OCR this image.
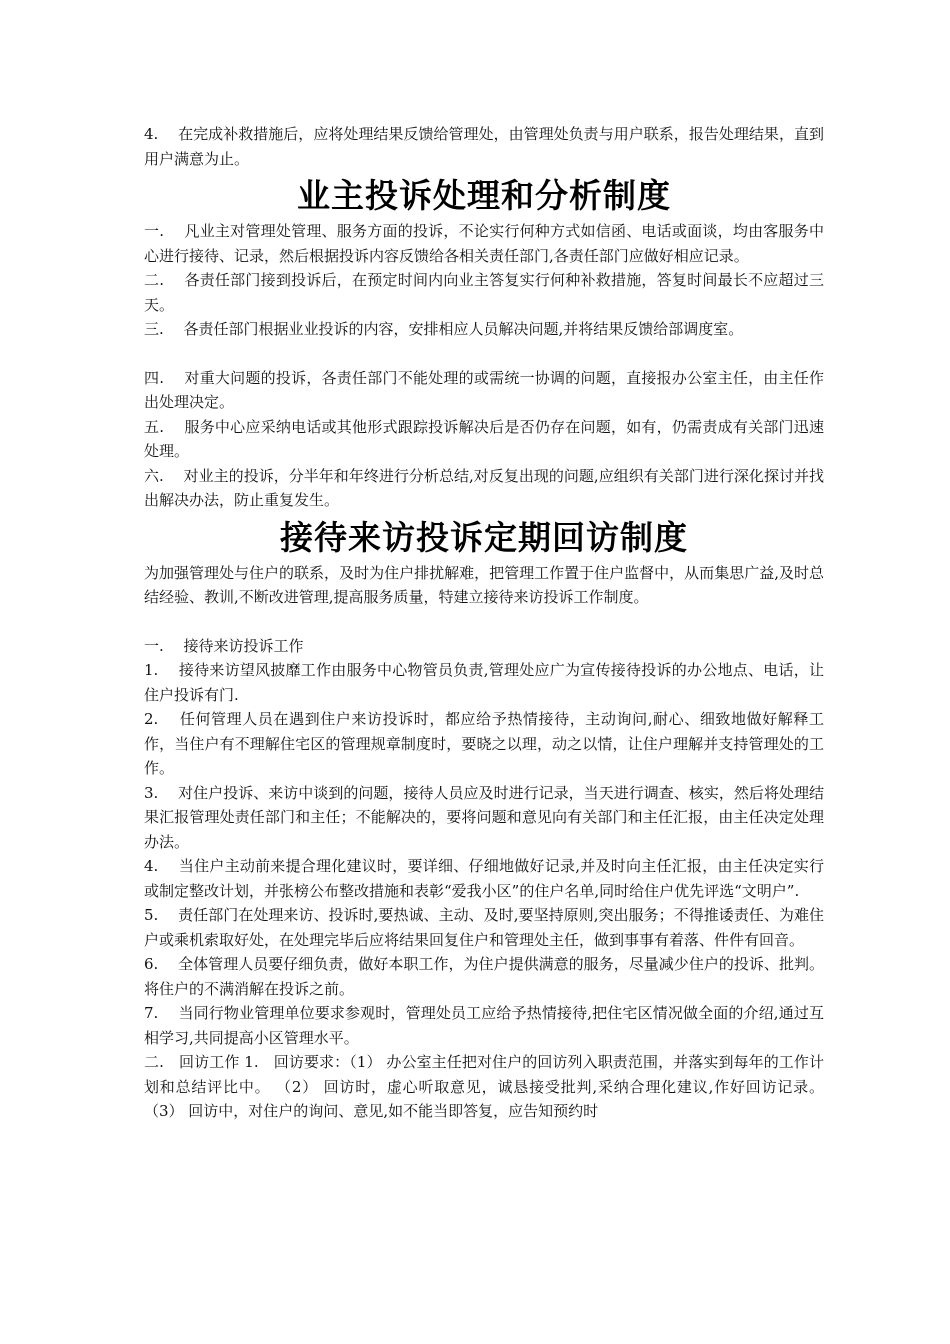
4.　 在完成补救措施后，应将处理结果反馈给管理处，由管理处负责与用户联系，报告处理结果，直到用户满意为止。

业主投诉处理和分析制度

一.　 凡业主对管理处管理、服务方面的投诉，不论实行何种方式如信函、电话或面谈，均由客服务中心进行接待、记录，然后根据投诉内容反馈给各相关责任部门,各责任部门应做好相应记录。

二.　 各责任部门接到投诉后，在预定时间内向业主答复实行何种补救措施，答复时间最长不应超过三天。

三.　 各责任部门根据业业投诉的内容，安排相应人员解决问题,并将结果反馈给部调度室。

四.　 对重大问题的投诉，各责任部门不能处理的或需统一协调的问题，直接报办公室主任，由主任作出处理决定。

五.　 服务中心应采纳电话或其他形式跟踪投诉解决后是否仍存在问题，如有，仍需责成有关部门迅速处理。

六.　 对业主的投诉，分半年和年终进行分析总结,对反复出现的问题,应组织有关部门进行深化探讨并找出解决办法，防止重复发生。

接待来访投诉定期回访制度

为加强管理处与住户的联系，及时为住户排扰解难，把管理工作置于住户监督中，从而集思广益,及时总结经验、教训,不断改进管理,提高服务质量，特建立接待来访投诉工作制度。

一.　 接待来访投诉工作

1.　 接待来访望风披靡工作由服务中心物管员负责,管理处应广为宣传接待投诉的办公地点、电话，让住户投诉有门.

2.　 任何管理人员在遇到住户来访投诉时，都应给予热情接待，主动询问,耐心、细致地做好解释工作，当住户有不理解住宅区的管理规章制度时，要晓之以理，动之以情，让住户理解并支持管理处的工作。

3.　 对住户投诉、来访中谈到的问题，接待人员应及时进行记录，当天进行调查、核实，然后将处理结果汇报管理处责任部门和主任；不能解决的，要将问题和意见向有关部门和主任汇报，由主任决定处理办法。

4.　 当住户主动前来提合理化建议时，要详细、仔细地做好记录,并及时向主任汇报，由主任决定实行或制定整改计划，并张榜公布整改措施和表彰“爱我小区”的住户名单,同时给住户优先评选“文明户”.

5.　 责任部门在处理来访、投诉时,要热诚、主动、及时,要坚持原则,突出服务；不得推诿责任、为难住户或乘机索取好处，在处理完毕后应将结果回复住户和管理处主任，做到事事有着落、件件有回音。

6.　 全体管理人员要仔细负责，做好本职工作，为住户提供满意的服务，尽量减少住户的投诉、批判。将住户的不满消解在投诉之前。

7.　 当同行物业管理单位要求参观时，管理处员工应给予热情接待,把住宅区情况做全面的介绍,通过互相学习,共同提高小区管理水平。

二.　回访工作 1.　回访要求：（1） 办公室主任把对住户的回访列入职责范围，并落实到每年的工作计划和总结评比中。 （2） 回访时，虚心听取意见，诚恳接受批判,采纳合理化建议,作好回访记录。 （3） 回访中，对住户的询问、意见,如不能当即答复，应告知预约时
